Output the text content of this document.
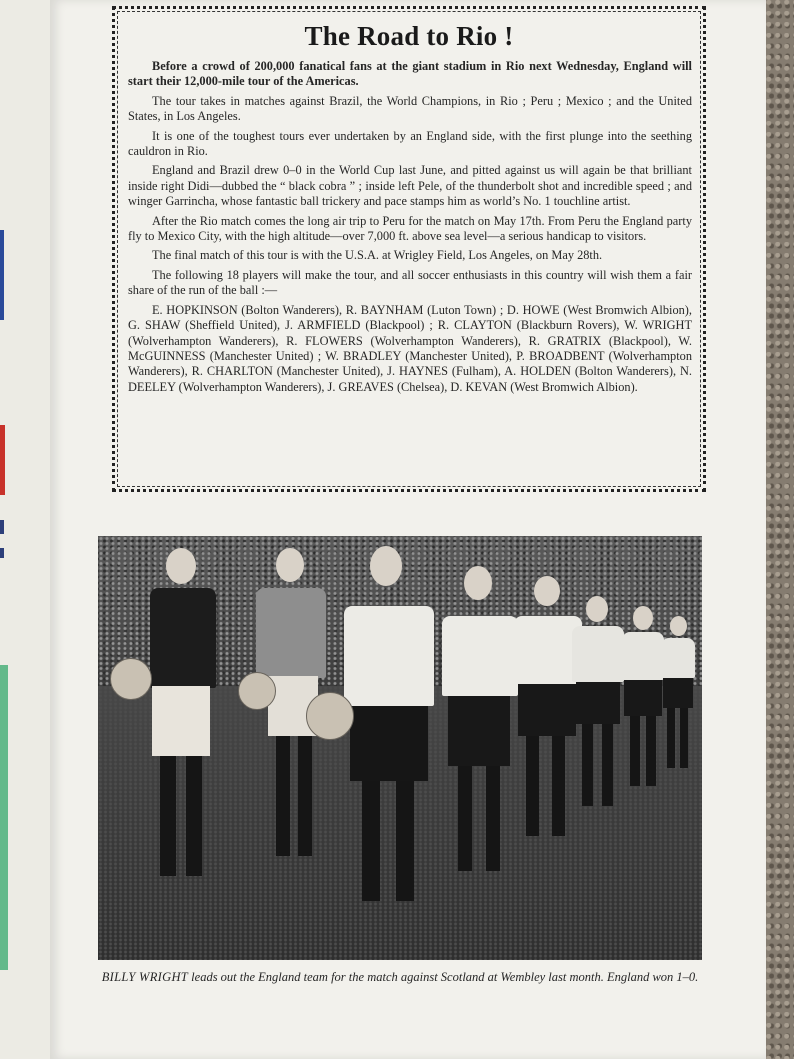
The Road to Rio !

Before a crowd of 200,000 fanatical fans at the giant stadium in Rio next Wednesday, England will start their 12,000-mile tour of the Americas.

The tour takes in matches against Brazil, the World Champions, in Rio ; Peru ; Mexico ; and the United States, in Los Angeles.

It is one of the toughest tours ever undertaken by an England side, with the first plunge into the seething cauldron in Rio.

England and Brazil drew 0–0 in the World Cup last June, and pitted against us will again be that brilliant inside right Didi—dubbed the “ black cobra ” ; inside left Pele, of the thunderbolt shot and incredible speed ; and winger Garrincha, whose fantastic ball trickery and pace stamps him as world’s No. 1 touchline artist.

After the Rio match comes the long air trip to Peru for the match on May 17th. From Peru the England party fly to Mexico City, with the high altitude—over 7,000 ft. above sea level—a serious handicap to visitors.

The final match of this tour is with the U.S.A. at Wrigley Field, Los Angeles, on May 28th.

The following 18 players will make the tour, and all soccer enthusiasts in this country will wish them a fair share of the run of the ball :—

E. HOPKINSON (Bolton Wanderers), R. BAYNHAM (Luton Town) ; D. HOWE (West Bromwich Albion), G. SHAW (Sheffield United), J. ARMFIELD (Blackpool) ; R. CLAYTON (Blackburn Rovers), W. WRIGHT (Wolverhampton Wanderers), R. FLOWERS (Wolverhampton Wanderers), R. GRATRIX (Blackpool), W. McGUINNESS (Manchester United) ; W. BRADLEY (Manchester United), P. BROADBENT (Wolverhampton Wanderers), R. CHARLTON (Manchester United), J. HAYNES (Fulham), A. HOLDEN (Bolton Wanderers), N. DEELEY (Wolverhampton Wanderers), J. GREAVES (Chelsea), D. KEVAN (West Bromwich Albion).

BILLY WRIGHT leads out the England team for the match against Scotland at Wembley last month. England won 1–0.
